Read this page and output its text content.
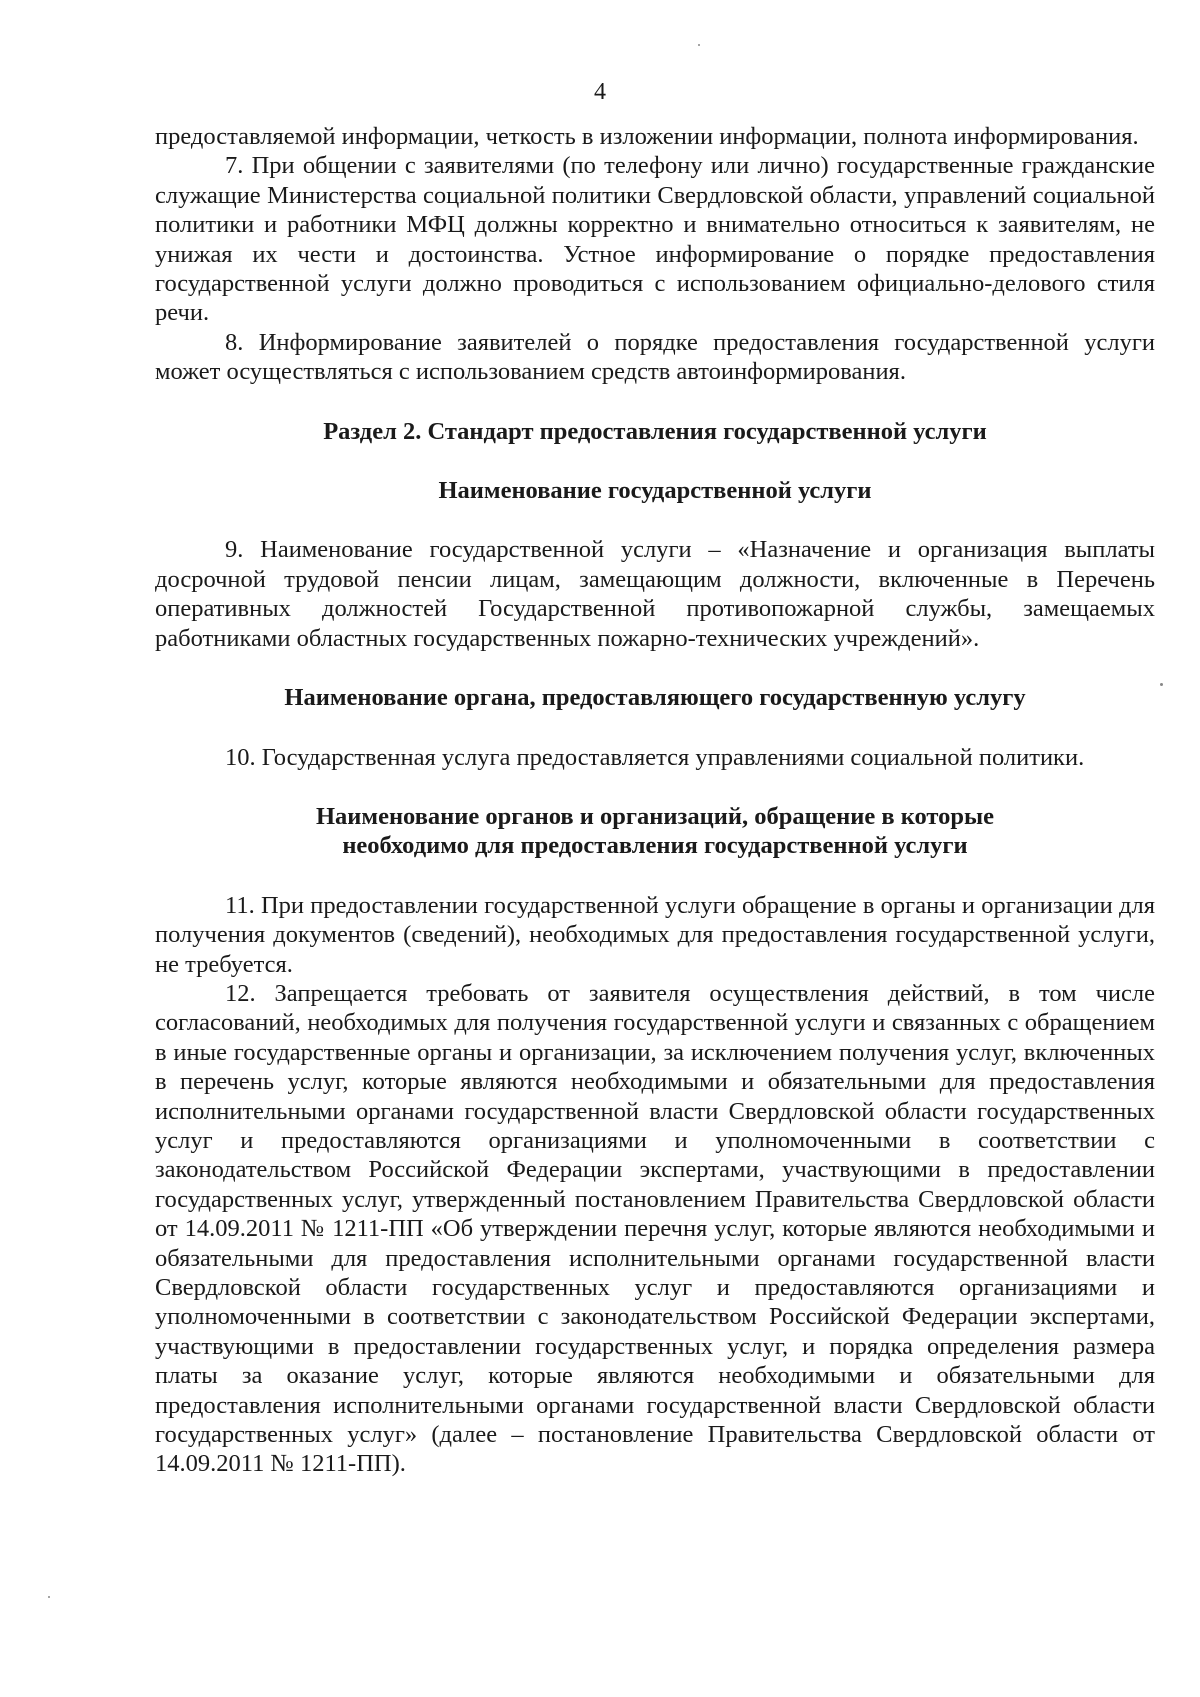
4

предоставляемой информации, четкость в изложении информации, полнота информирования.

7. При общении с заявителями (по телефону или лично) государственные гражданские служащие Министерства социальной политики Свердловской области, управлений социальной политики и работники МФЦ должны корректно и внимательно относиться к заявителям, не унижая их чести и достоинства. Устное информирование о порядке предоставления государственной услуги должно проводиться с использованием официально-делового стиля речи.

8. Информирование заявителей о порядке предоставления государственной услуги может осуществляться с использованием средств автоинформирования.

Раздел 2. Стандарт предоставления государственной услуги

Наименование государственной услуги

9. Наименование государственной услуги – «Назначение и организация выплаты досрочной трудовой пенсии лицам, замещающим должности, включенные в Перечень оперативных должностей Государственной противопожарной службы, замещаемых работниками областных государственных пожарно-технических учреждений».

Наименование органа, предоставляющего государственную услугу

10. Государственная услуга предоставляется управлениями социальной политики.

Наименование органов и организаций, обращение в которые
необходимо для предоставления государственной услуги

11. При предоставлении государственной услуги обращение в органы и организации для получения документов (сведений), необходимых для предоставления государственной услуги, не требуется.

12. Запрещается требовать от заявителя осуществления действий, в том числе согласований, необходимых для получения государственной услуги и связанных с обращением в иные государственные органы и организации, за исключением получения услуг, включенных в перечень услуг, которые являются необходимыми и обязательными для предоставления исполнительными органами государственной власти Свердловской области государственных услуг и предоставляются организациями и уполномоченными в соответствии с законодательством Российской Федерации экспертами, участвующими в предоставлении государственных услуг, утвержденный постановлением Правительства Свердловской области от 14.09.2011 № 1211-ПП «Об утверждении перечня услуг, которые являются необходимыми и обязательными для предоставления исполнительными органами государственной власти Свердловской области государственных услуг и предоставляются организациями и уполномоченными в соответствии с законодательством Российской Федерации экспертами, участвующими в предоставлении государственных услуг, и порядка определения размера платы за оказание услуг, которые являются необходимыми и обязательными для предоставления исполнительными органами государственной власти Свердловской области государственных услуг» (далее – постановление Правительства Свердловской области от 14.09.2011 № 1211-ПП).
